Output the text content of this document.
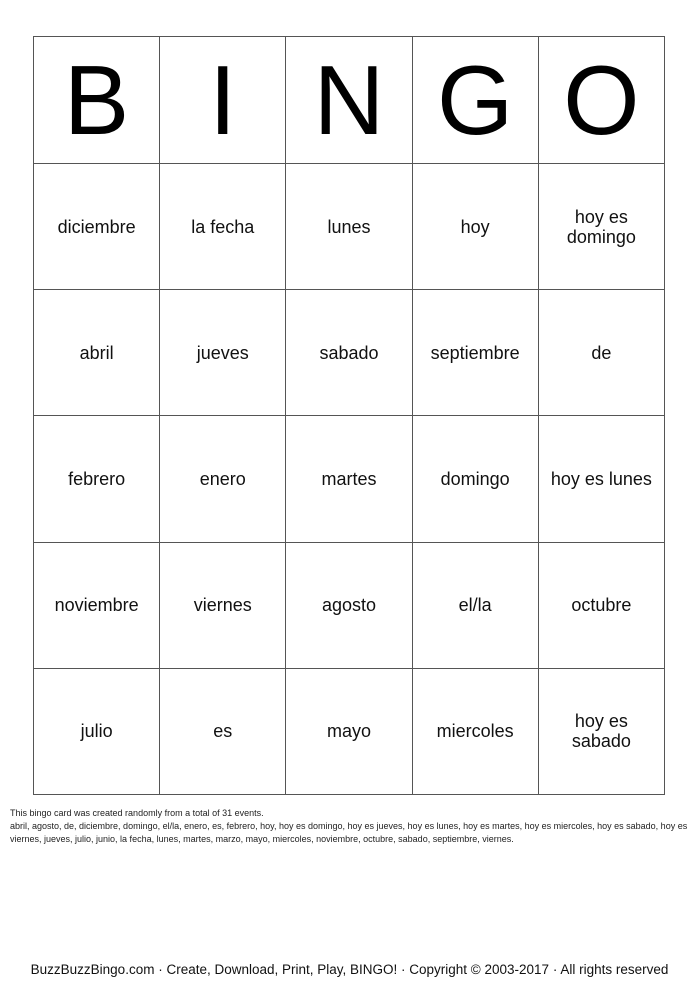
B	I	N	G	O
diciembre	la fecha	lunes	hoy	hoy es domingo
abril	jueves	sabado	septiembre	de
febrero	enero	martes	domingo	hoy es lunes
noviembre	viernes	agosto	el/la	octubre
julio	es	mayo	miercoles	hoy es sabado
This bingo card was created randomly from a total of 31 events.
abril, agosto, de, diciembre, domingo, el/la, enero, es, febrero, hoy, hoy es domingo, hoy es jueves, hoy es lunes, hoy es martes, hoy es miercoles, hoy es sabado, hoy es viernes, jueves, julio, junio, la fecha, lunes, martes, marzo, mayo, miercoles, noviembre, octubre, sabado, septiembre, viernes.
BuzzBuzzBingo.com · Create, Download, Print, Play, BINGO! · Copyright © 2003-2017 · All rights reserved
